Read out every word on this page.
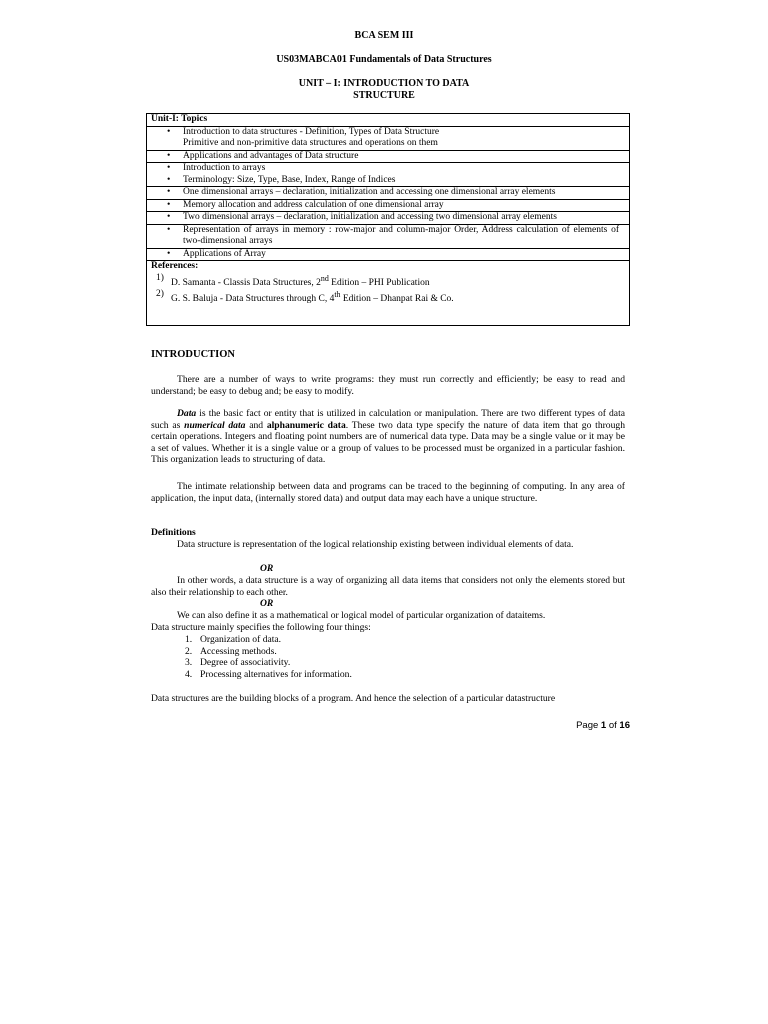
BCA SEM III
US03MABCA01 Fundamentals of Data Structures
UNIT – I: INTRODUCTION TO DATA
STRUCTURE
Unit-I: Topics
• Introduction to data structures - Definition, Types of Data Structure
Primitive and non-primitive data structures and operations on them
• Applications and advantages of Data structure
• Introduction to arrays
• Terminology: Size, Type, Base, Index, Range of Indices
• One dimensional arrays – declaration, initialization and accessing one dimensional array elements
• Memory allocation and address calculation of one dimensional array
• Two dimensional arrays – declaration, initialization and accessing two dimensional array elements
• Representation of arrays in memory : row-major and column-major Order, Address calculation of elements of two-dimensional arrays
• Applications of Array
References:
1)
D. Samanta - Classis Data Structures, 2nd Edition – PHI Publication
2)
G. S. Baluja - Data Structures through C, 4th Edition – Dhanpat Rai & Co.
INTRODUCTION
There are a number of ways to write programs: they must run correctly and efficiently; be easy to read and understand; be easy to debug and; be easy to modify.
Data is the basic fact or entity that is utilized in calculation or manipulation. There are two different types of data such as numerical data and alphanumeric data. These two data type specify the nature of data item that go through certain operations. Integers and floating point numbers are of numerical data type. Data may be a single value or it may be a set of values. Whether it is a single value or a group of values to be processed must be organized in a particular fashion. This organization leads to structuring of data.
The intimate relationship between data and programs can be traced to the beginning of computing. In any area of application, the input data, (internally stored data) and output data may each have a unique structure.
Definitions
Data structure is representation of the logical relationship existing between individual elements of data.
OR
In other words, a data structure is a way of organizing all data items that considers not only the elements stored but also their relationship to each other.
OR
We can also define it as a mathematical or logical model of particular organization of dataitems.
Data structure mainly specifies the following four things:
1. Organization of data.
2. Accessing methods.
3. Degree of associativity.
4. Processing alternatives for information.
Data structures are the building blocks of a program. And hence the selection of a particular datastructure
Page 1 of 16
